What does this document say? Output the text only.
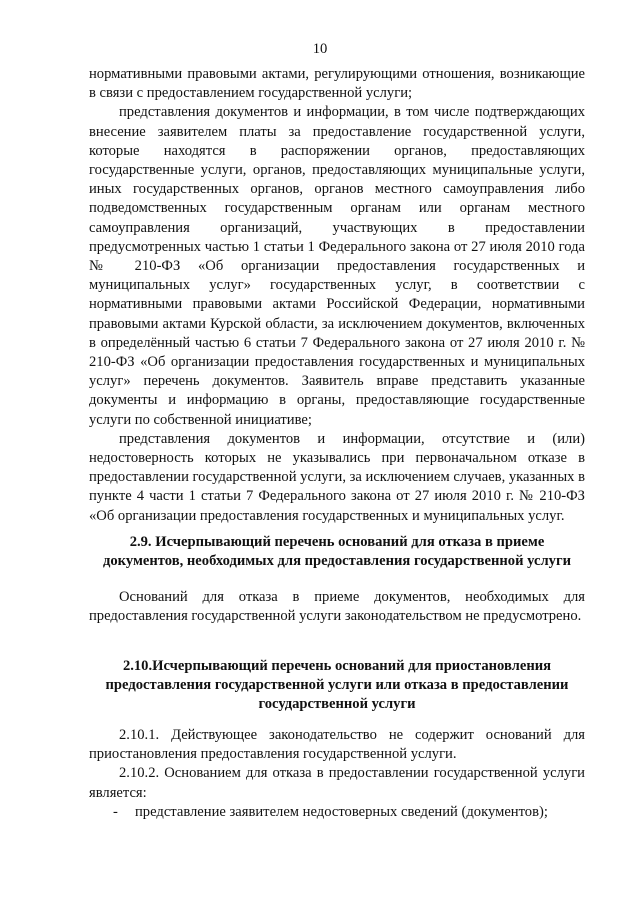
10

нормативными правовыми актами, регулирующими отношения, возникающие в связи с предоставлением государственной услуги;

представления документов и информации, в том числе подтверждающих внесение заявителем платы за предоставление государственной услуги, которые находятся в распоряжении органов, предоставляющих государственные услуги, органов, предоставляющих муниципальные услуги, иных государственных органов, органов местного самоуправления либо подведомственных государственным органам или органам местного самоуправления организаций, участвующих в предоставлении предусмотренных частью 1 статьи 1 Федерального закона от 27 июля 2010 года № 210-ФЗ «Об организации предоставления государственных и муниципальных услуг» государственных услуг, в соответствии с нормативными правовыми актами Российской Федерации, нормативными правовыми актами Курской области, за исключением документов, включенных в определённый частью 6 статьи 7 Федерального закона от 27 июля 2010 г. № 210-ФЗ «Об организации предоставления государственных и муниципальных услуг» перечень документов. Заявитель вправе представить указанные документы и информацию в органы, предоставляющие государственные услуги по собственной инициативе;

представления документов и информации, отсутствие и (или) недостоверность которых не указывались при первоначальном отказе в предоставлении государственной услуги, за исключением случаев, указанных в пункте 4 части 1 статьи 7 Федерального закона от 27 июля 2010 г. № 210-ФЗ «Об организации предоставления государственных и муниципальных услуг.

2.9. Исчерпывающий перечень оснований для отказа в приеме документов, необходимых для предоставления государственной услуги

Оснований для отказа в приеме документов, необходимых для предоставления государственной услуги законодательством не предусмотрено.

2.10.Исчерпывающий перечень оснований для приостановления предоставления государственной услуги или отказа в предоставлении государственной услуги

2.10.1. Действующее законодательство не содержит оснований для приостановления предоставления государственной услуги.

2.10.2. Основанием для отказа в предоставлении государственной услуги является:

-	представление заявителем недостоверных сведений (документов);
